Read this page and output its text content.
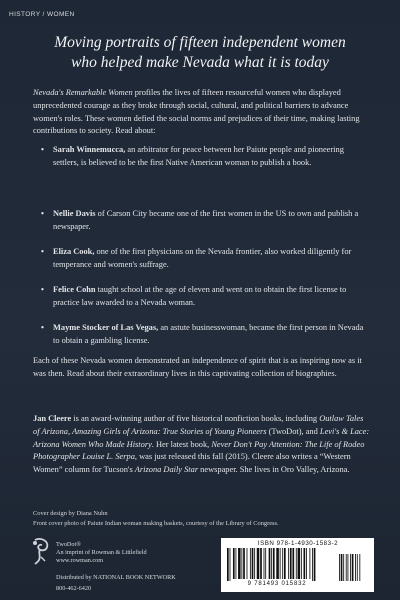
HISTORY / WOMEN
Moving portraits of fifteen independent women
who helped make Nevada what it is today
Nevada's Remarkable Women profiles the lives of fifteen resourceful women who displayed unprecedented courage as they broke through social, cultural, and political barriers to advance women's roles. These women defied the social norms and prejudices of their time, making lasting contributions to society. Read about:
• Sarah Winnemucca, an arbitrator for peace between her Paiute people and pioneering settlers, is believed to be the first Native American woman to publish a book.
• Nellie Davis of Carson City became one of the first women in the US to own and publish a newspaper.
• Eliza Cook, one of the first physicians on the Nevada frontier, also worked diligently for temperance and women's suffrage.
• Felice Cohn taught school at the age of eleven and went on to obtain the first license to practice law awarded to a Nevada woman.
• Mayme Stocker of Las Vegas, an astute businesswoman, became the first person in Nevada to obtain a gambling license.
Each of these Nevada women demonstrated an independence of spirit that is as inspiring now as it was then. Read about their extraordinary lives in this captivating collection of biographies.
Jan Cleere is an award-winning author of five historical nonfiction books, including Outlaw Tales of Arizona, Amazing Girls of Arizona: True Stories of Young Pioneers (TwoDot), and Levi's & Lace: Arizona Women Who Made History. Her latest book, Never Don't Pay Attention: The Life of Rodeo Photographer Louise L. Serpa, was just released this fall (2015). Cleere also writes a “Western Women” column for Tucson's Arizona Daily Star newspaper. She lives in Oro Valley, Arizona.
Cover design by Diana Nuhn
Front cover photo of Paiute Indian woman making baskets, courtesy of the Library of Congress.
TwoDot®
An imprint of Rowman & Littlefield
www.rowman.com
Distributed by NATIONAL BOOK NETWORK
800-462-6420
ISBN 978-1-4930-1583-2
9 781493 015832
